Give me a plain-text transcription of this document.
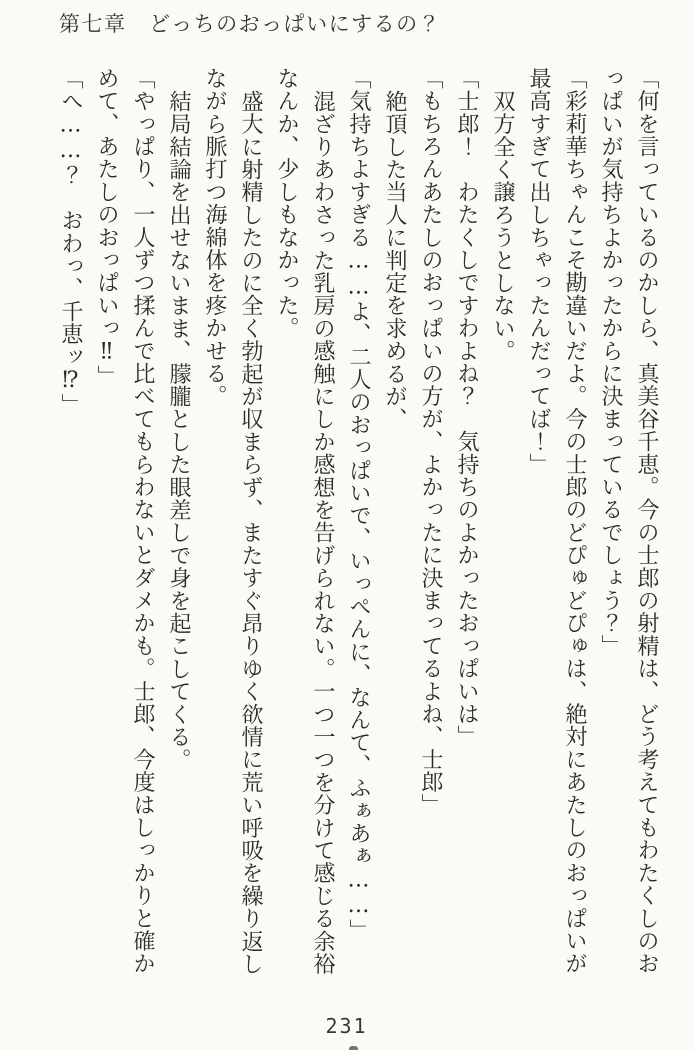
第七章　どっちのおっぱいにするの？

「何を言っているのかしら、真美谷千恵。今の士郎の射精は、どう考えてもわたくしのお

っぱいが気持ちよかったからに決まっているでしょう？」

「彩莉華ちゃんこそ勘違いだよ。今の士郎のどぴゅどぴゅは、絶対にあたしのおっぱいが

最高すぎて出しちゃったんだってば！」

双方全く譲ろうとしない。

「士郎！　わたくしですわよね？　気持ちのよかったおっぱいは」

「もちろんあたしのおっぱいの方が、よかったに決まってるよね、士郎」

絶頂した当人に判定を求めるが、

「気持ちよすぎる……よ、二人のおっぱいで、いっぺんに、なんて、ふぁあぁ……」

混ざりあわさった乳房の感触にしか感想を告げられない。一つ一つを分けて感じる余裕

なんか、少しもなかった。

盛大に射精したのに全く勃起が収まらず、またすぐ昂りゆく欲情に荒い呼吸を繰り返し

ながら脈打つ海綿体を疼かせる。

結局結論を出せないまま、朦朧とした眼差しで身を起こしてくる。

「やっぱり、一人ずつ揉んで比べてもらわないとダメかも。士郎、今度はしっかりと確か

めて、あたしのおっぱいっ‼」

「へ……？　おわっ、千恵ッ⁉」

231
